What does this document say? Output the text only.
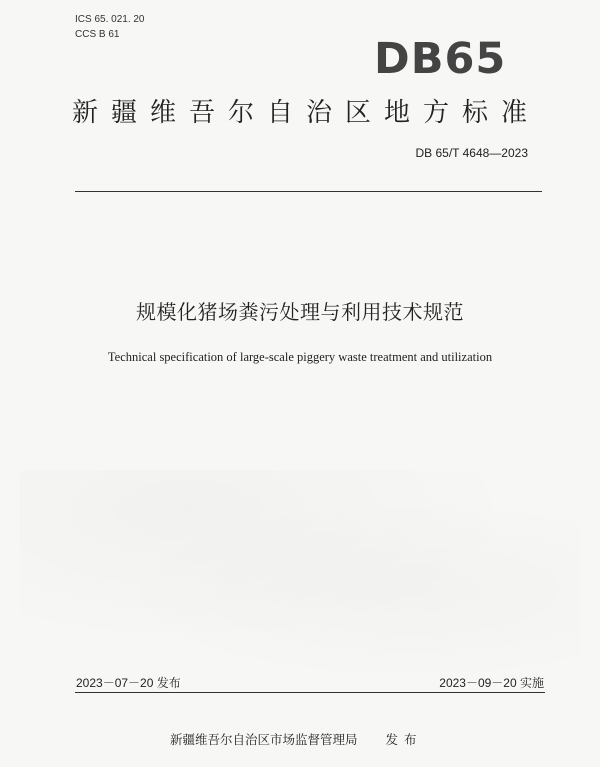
ICS 65. 021. 20
CCS B 61	DB65
新疆维吾尔自治区地方标准
DB 65/T 4648—2023
规模化猪场粪污处理与利用技术规范
Technical specification of large-scale piggery waste treatment and utilization
2023－07－20 发布	2023－09－20 实施
新疆维吾尔自治区市场监督管理局 发布
